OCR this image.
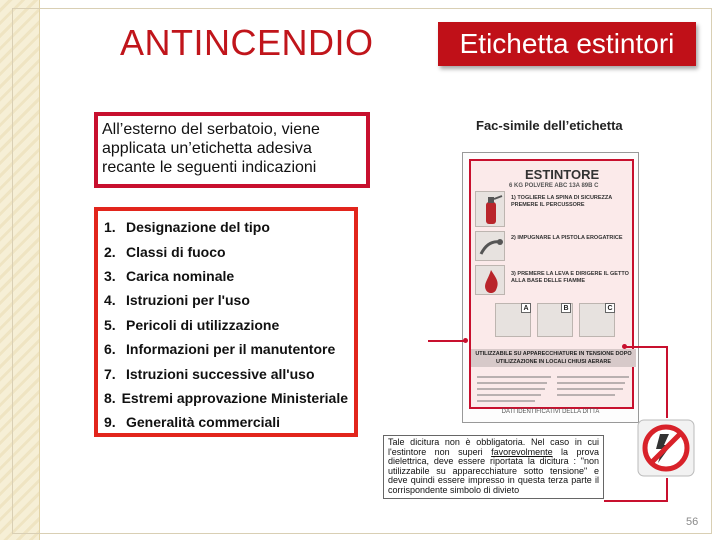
ANTINCENDIO	Etichetta estintori
All’esterno del serbatoio, viene applicata un’etichetta adesiva recante le seguenti indicazioni
1. Designazione del tipo
2. Classi di fuoco
3. Carica nominale
4. Istruzioni per l'uso
5. Pericoli di utilizzazione
6. Informazioni per il manutentore
7. Istruzioni successive all'uso
8. Estremi approvazione Ministeriale
9. Generalità commerciali
Fac-simile dell’etichetta
ESTINTORE
6 KG POLVERE ABC 13A 89B C
1) TOGLIERE LA SPINA DI SICUREZZA PREMERE IL PERCUSSORE
2) IMPUGNARE LA PISTOLA EROGATRICE
3) PREMERE LA LEVA E DIRIGERE IL GETTO ALLA BASE DELLE FIAMME
A	B	C
UTILIZZABILE SU APPARECCHIATURE IN TENSIONE DOPO UTILIZZAZIONE IN LOCALI CHIUSI AERARE
DATI IDENTIFICATIVI DELLA DITTA
Tale dicitura non è obbligatoria. Nel caso in cui l'estintore non superi favorevolmente la prova dielettrica, deve essere riportata la dicitura : "non utilizzabile su apparecchiature sotto tensione" e deve quindi essere impresso in questa terza parte il corrispondente simbolo di divieto
56
